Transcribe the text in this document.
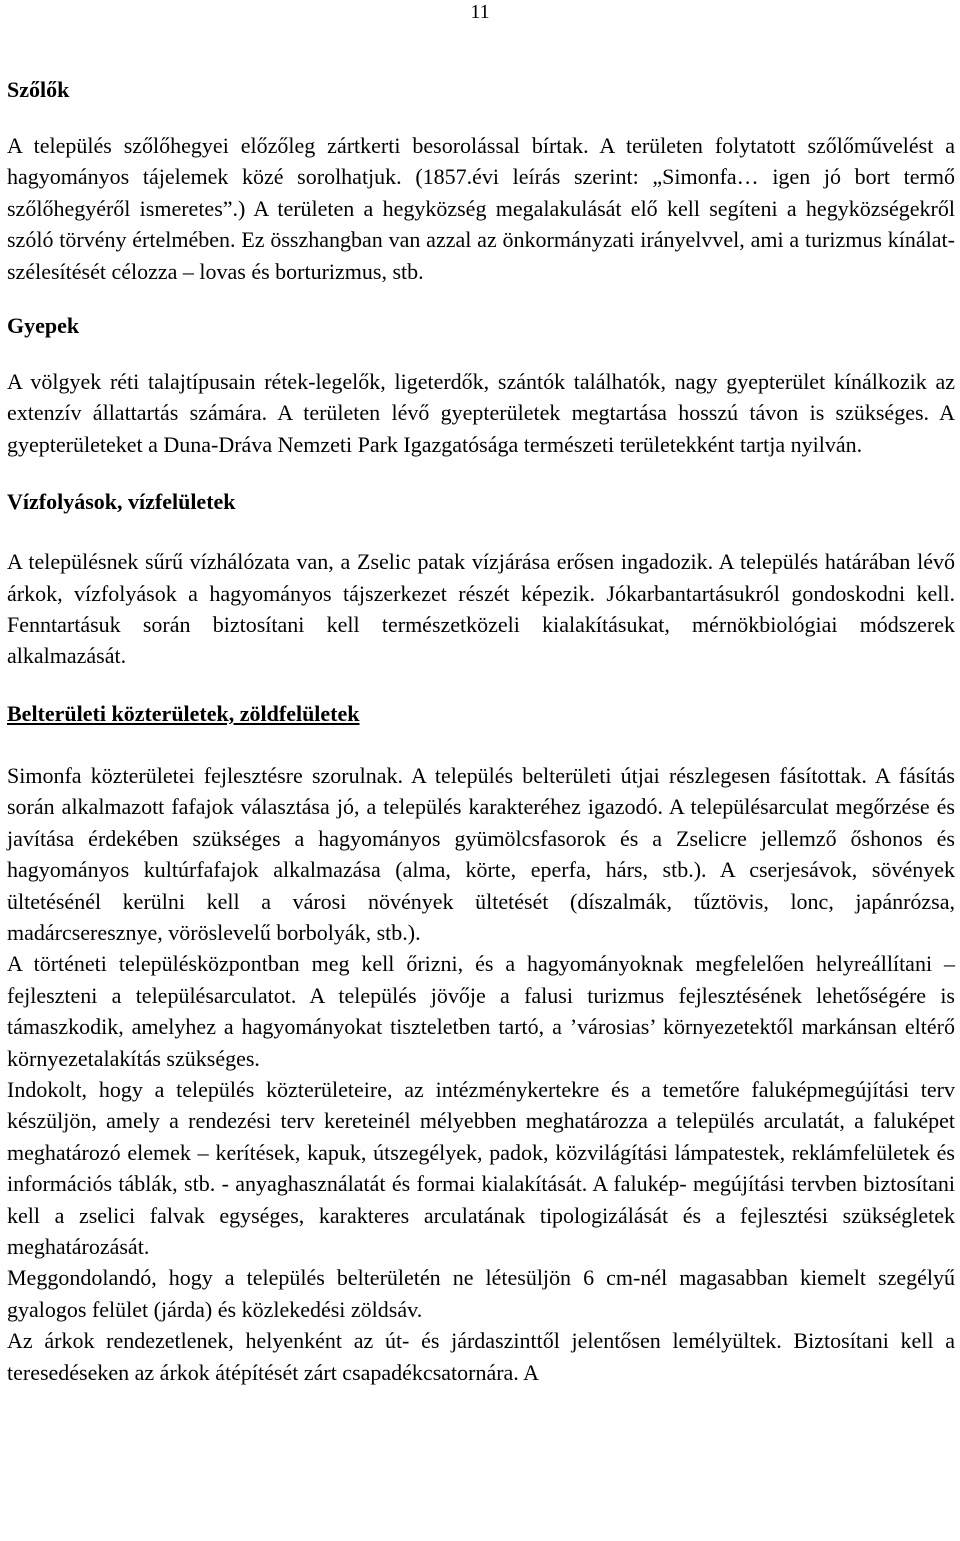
11
Szőlők

A település szőlőhegyei előzőleg zártkerti besorolással bírtak. A területen folytatott szőlőművelést a hagyományos tájelemek közé sorolhatjuk. (1857.évi leírás szerint: „Simonfa… igen jó bort termő szőlőhegyéről ismeretes”.) A területen a hegyközség megalakulását elő kell segíteni a hegyközségekről szóló törvény értelmében. Ez összhangban van azzal az önkormányzati irányelvvel, ami a turizmus kínálat-szélesítését célozza – lovas és borturizmus, stb.

Gyepek

A völgyek réti talajtípusain rétek-legelők, ligeterdők, szántók találhatók, nagy gyepterület kínálkozik az extenzív állattartás számára. A területen lévő gyepterületek megtartása hosszú távon is szükséges. A gyepterületeket a Duna-Dráva Nemzeti Park Igazgatósága természeti területekként tartja nyilván.

Vízfolyások, vízfelületek

A településnek sűrű vízhálózata van, a Zselic patak vízjárása erősen ingadozik. A település határában lévő árkok, vízfolyások a hagyományos tájszerkezet részét képezik. Jókarbantartásukról gondoskodni kell. Fenntartásuk során biztosítani kell természetközeli kialakításukat, mérnökbiológiai módszerek alkalmazását.

Belterületi közterületek, zöldfelületek

Simonfa közterületei fejlesztésre szorulnak. A település belterületi útjai részlegesen fásítottak. A fásítás során alkalmazott fafajok választása jó, a település karakteréhez igazodó. A településarculat megőrzése és javítása érdekében szükséges a hagyományos gyümölcsfasorok és a Zselicre jellemző őshonos és hagyományos kultúrfafajok alkalmazása (alma, körte, eperfa, hárs, stb.). A cserjesávok, sövények ültetésénél kerülni kell a városi növények ültetését (díszalmák, tűztövis, lonc, japánrózsa, madárcseresznye, vöröslevelű borbolyák, stb.).

A történeti településközpontban meg kell őrizni, és a hagyományoknak megfelelően helyreállítani – fejleszteni a településarculatot. A település jövője a falusi turizmus fejlesztésének lehetőségére is támaszkodik, amelyhez a hagyományokat tiszteletben tartó, a ’városias’ környezetektől markánsan eltérő környezetalakítás szükséges.

Indokolt, hogy a település közterületeire, az intézménykertekre és a temetőre faluképmegújítási terv készüljön, amely a rendezési terv kereteinél mélyebben meghatározza a település arculatát, a faluképet meghatározó elemek – kerítések, kapuk, útszegélyek, padok, közvilágítási lámpatestek, reklámfelületek és információs táblák, stb. - anyaghasználatát és formai kialakítását. A falukép- megújítási tervben biztosítani kell a zselici falvak egységes, karakteres arculatának tipologizálását és a fejlesztési szükségletek meghatározását.

Meggondolandó, hogy a település belterületén ne létesüljön 6 cm-nél magasabban kiemelt szegélyű gyalogos felület (járda) és közlekedési zöldsáv.

Az árkok rendezetlenek, helyenként az út- és járdaszinttől jelentősen lemélyültek. Biztosítani kell a teresedéseken az árkok átépítését zárt csapadékcsatornára. A
